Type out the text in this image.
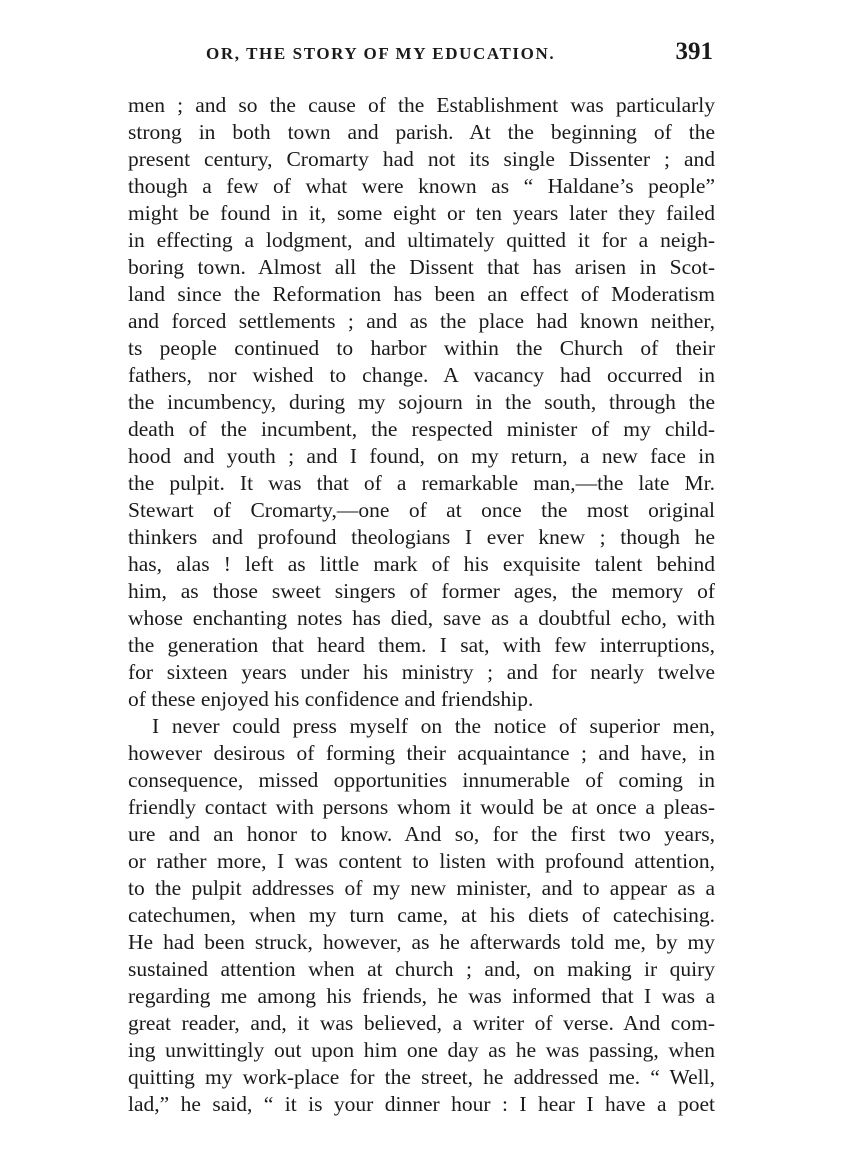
OR, THE STORY OF MY EDUCATION.	391
men ; and so the cause of the Establishment was particularly
strong in both town and parish. At the beginning of the
present century, Cromarty had not its single Dissenter ; and
though a few of what were known as “ Haldane’s people”
might be found in it, some eight or ten years later they failed
in effecting a lodgment, and ultimately quitted it for a neigh-
boring town. Almost all the Dissent that has arisen in Scot-
land since the Reformation has been an effect of Moderatism
and forced settlements ; and as the place had known neither,
ts people continued to harbor within the Church of their
fathers, nor wished to change. A vacancy had occurred in
the incumbency, during my sojourn in the south, through the
death of the incumbent, the respected minister of my child-
hood and youth ; and I found, on my return, a new face in
the pulpit. It was that of a remarkable man,—the late Mr.
Stewart of Cromarty,—one of at once the most original
thinkers and profound theologians I ever knew ; though he
has, alas ! left as little mark of his exquisite talent behind
him, as those sweet singers of former ages, the memory of
whose enchanting notes has died, save as a doubtful echo, with
the generation that heard them. I sat, with few interruptions,
for sixteen years under his ministry ; and for nearly twelve
of these enjoyed his confidence and friendship.
I never could press myself on the notice of superior men,
however desirous of forming their acquaintance ; and have, in
consequence, missed opportunities innumerable of coming in
friendly contact with persons whom it would be at once a pleas-
ure and an honor to know. And so, for the first two years,
or rather more, I was content to listen with profound attention,
to the pulpit addresses of my new minister, and to appear as a
catechumen, when my turn came, at his diets of catechising.
He had been struck, however, as he afterwards told me, by my
sustained attention when at church ; and, on making ir quiry
regarding me among his friends, he was informed that I was a
great reader, and, it was believed, a writer of verse. And com-
ing unwittingly out upon him one day as he was passing, when
quitting my work-place for the street, he addressed me. “ Well,
lad,” he said, “ it is your dinner hour : I hear I have a poet
